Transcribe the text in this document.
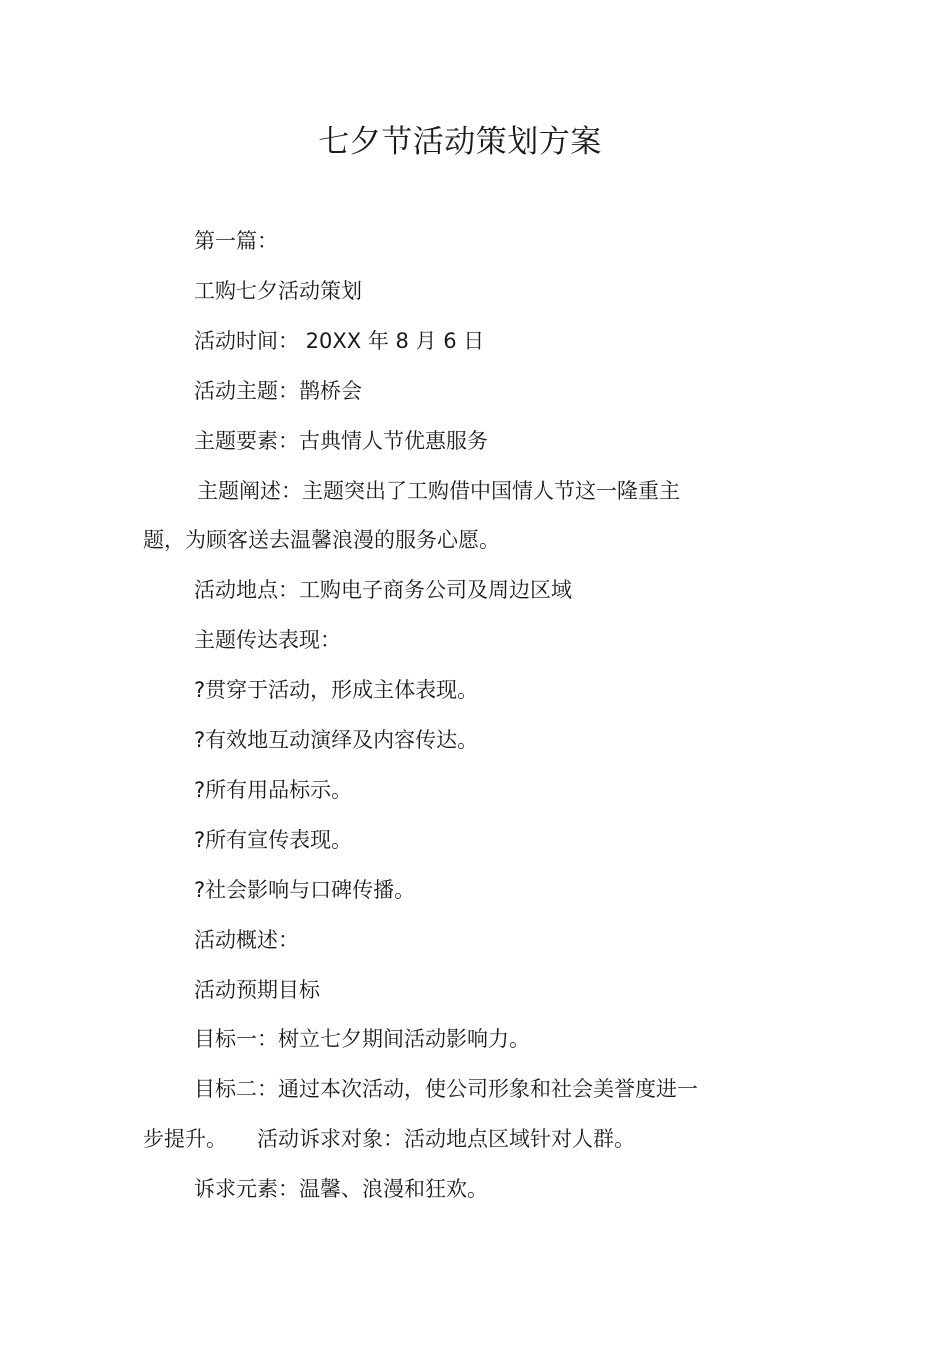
七夕节活动策划方案
第一篇：
工购七夕活动策划
活动时间： 20XX 年 8 月 6 日
活动主题：鹊桥会
主题要素：古典情人节优惠服务
主题阐述：主题突出了工购借中国情人节这一隆重主
题，为顾客送去温馨浪漫的服务心愿。
活动地点：工购电子商务公司及周边区域
主题传达表现：
?贯穿于活动，形成主体表现。
?有效地互动演绎及内容传达。
?所有用品标示。
?所有宣传表现。
?社会影响与口碑传播。
活动概述：
活动预期目标
目标一：树立七夕期间活动影响力。
目标二：通过本次活动，使公司形象和社会美誉度进一
步提升。 活动诉求对象：活动地点区域针对人群。
诉求元素：温馨、浪漫和狂欢。
